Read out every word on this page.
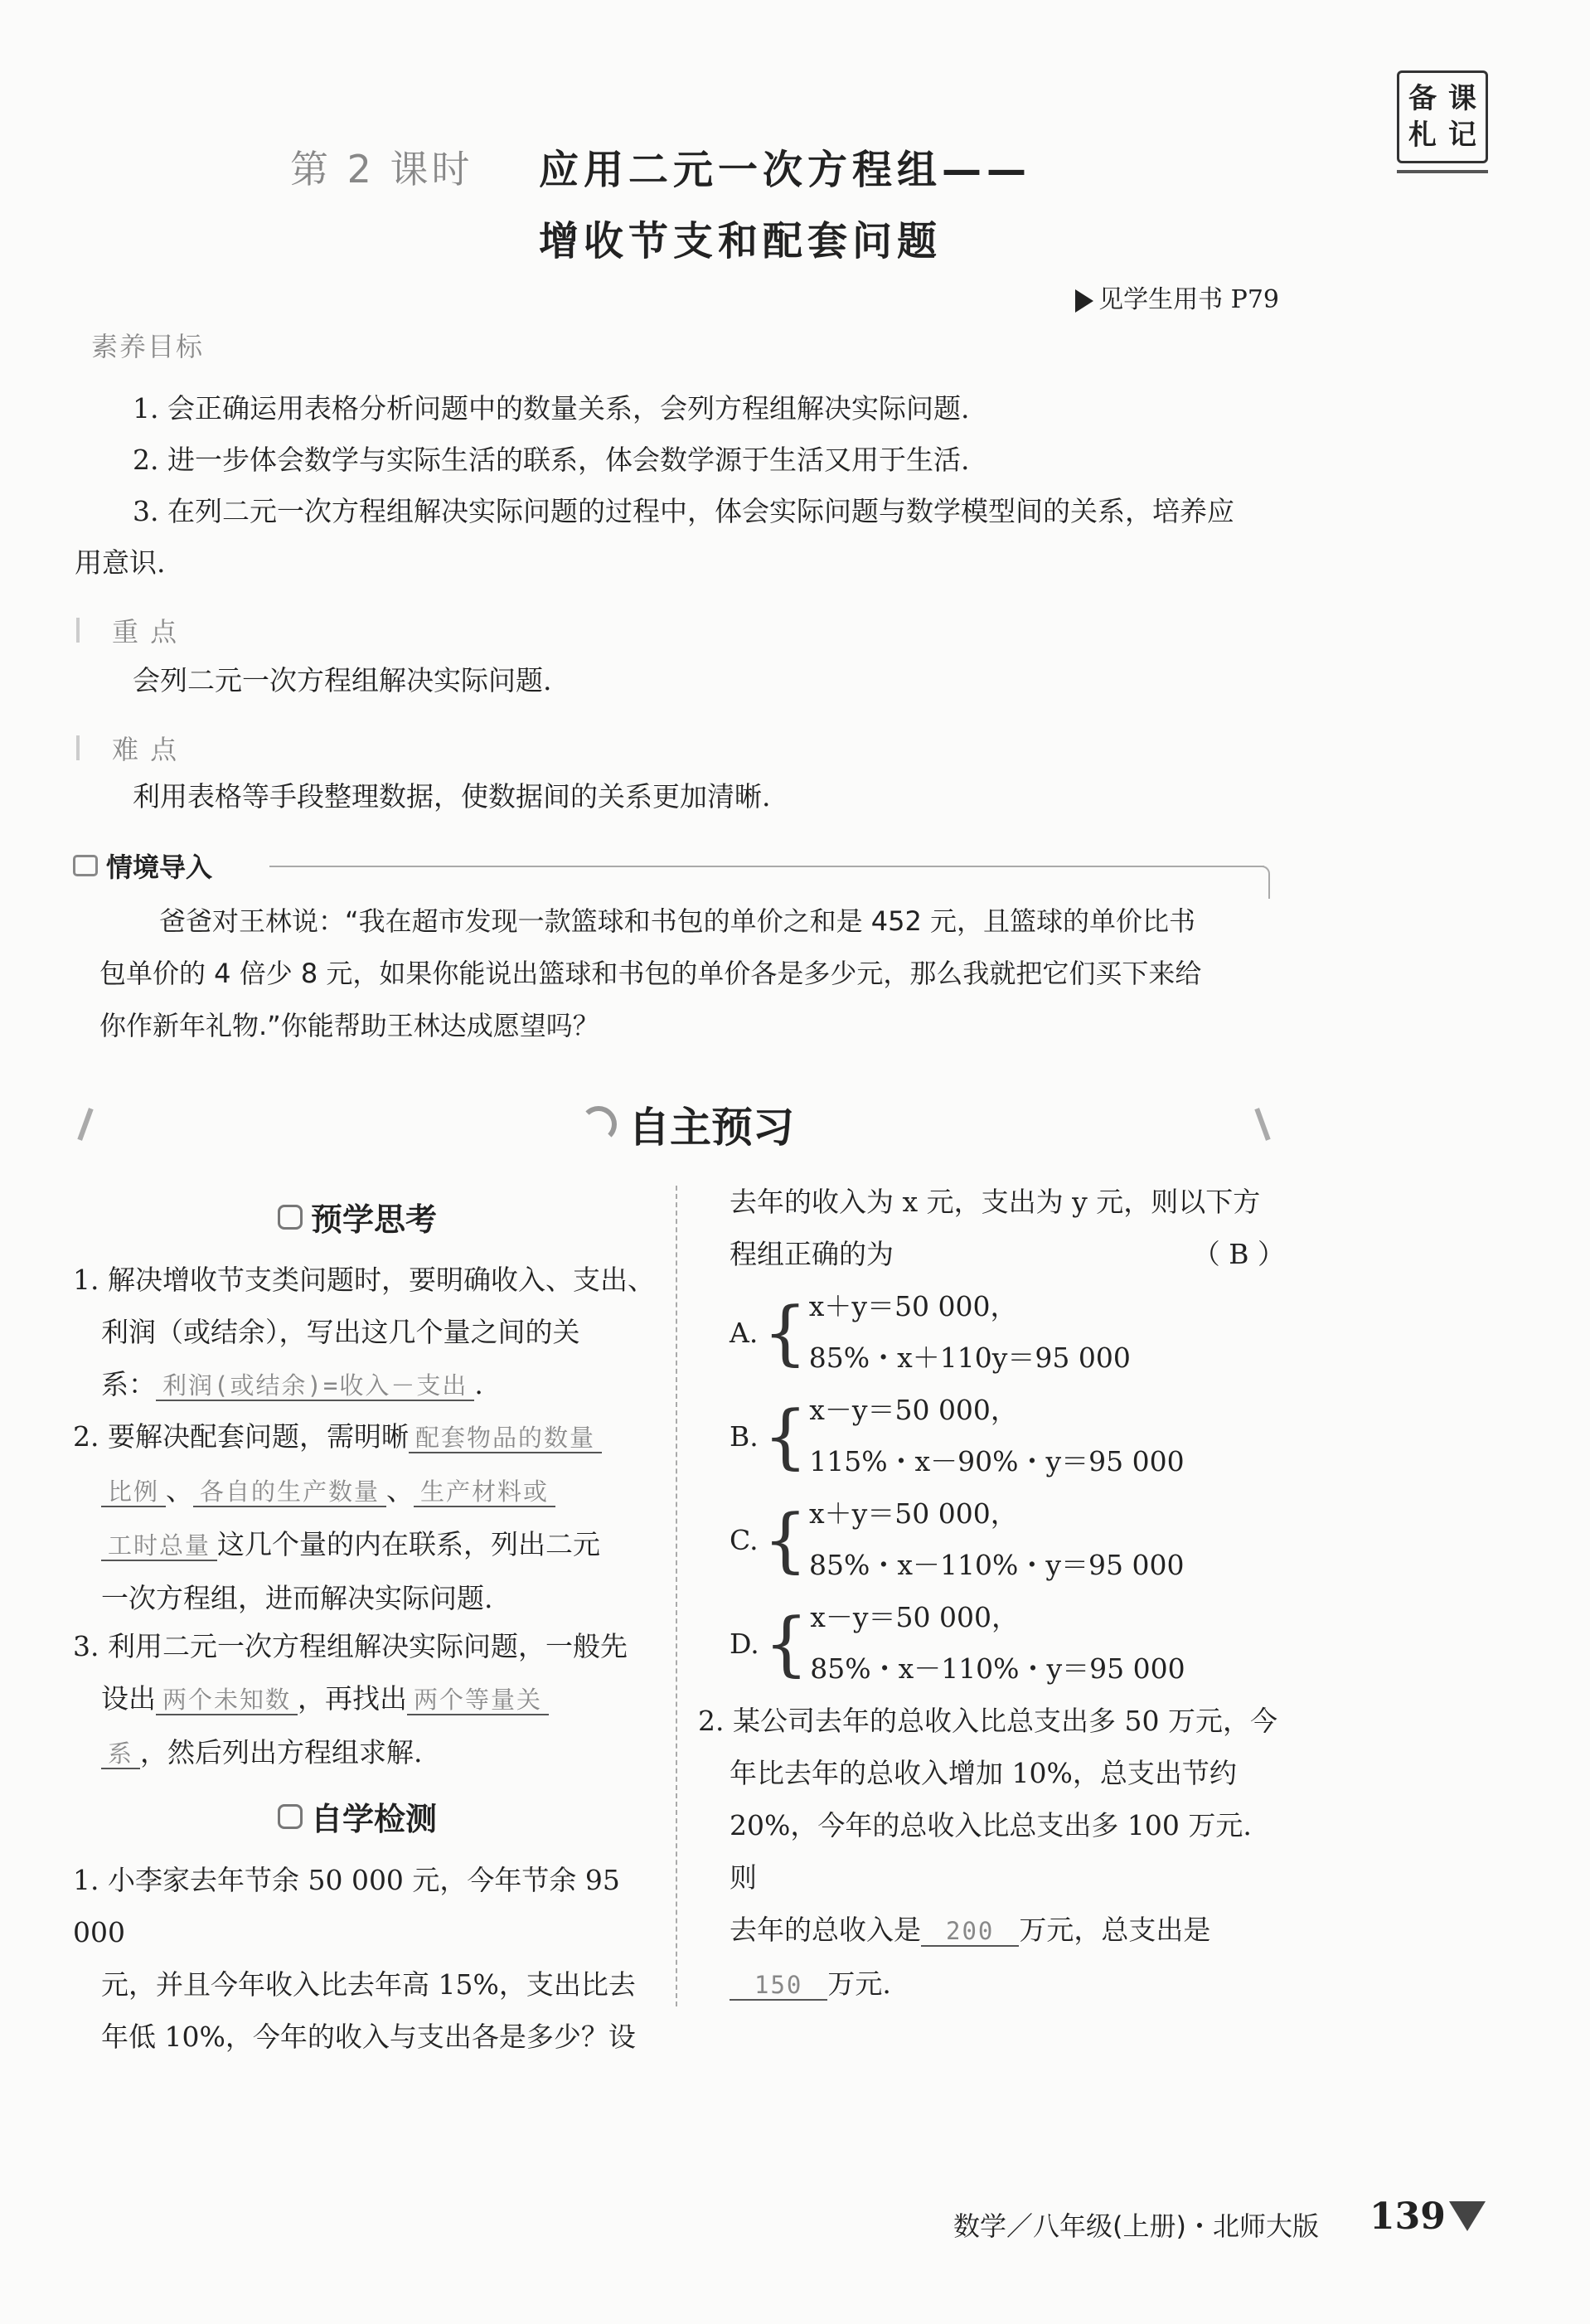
备 课
札 记
第 2 课时 应用二元一次方程组——
增收节支和配套问题
见学生用书 P79
素养目标
1. 会正确运用表格分析问题中的数量关系，会列方程组解决实际问题.
2. 进一步体会数学与实际生活的联系，体会数学源于生活又用于生活.
3. 在列二元一次方程组解决实际问题的过程中，体会实际问题与数学模型间的关系，培养应
用意识.
重 点
会列二元一次方程组解决实际问题.
难 点
利用表格等手段整理数据，使数据间的关系更加清晰.
情境导入
爸爸对王林说：“我在超市发现一款篮球和书包的单价之和是 452 元，且篮球的单价比书
包单价的 4 倍少 8 元，如果你能说出篮球和书包的单价各是多少元，那么我就把它们买下来给
你作新年礼物.”你能帮助王林达成愿望吗？
自主预习
预学思考
1. 解决增收节支类问题时，要明确收入、支出、
利润（或结余），写出这几个量之间的关
系： 利润(或结余)=收入－支出 .
2. 要解决配套问题，需明晰 配套物品的数量
比例 、 各自的生产数量 、 生产材料或
工时总量 这几个量的内在联系，列出二元
一次方程组，进而解决实际问题.
3. 利用二元一次方程组解决实际问题，一般先
设出 两个未知数 ，再找出 两个等量关
系 ，然后列出方程组求解.
自学检测
1. 小李家去年节余 50 000 元，今年节余 95 000
元，并且今年收入比去年高 15%，支出比去
年低 10%，今年的收入与支出各是多少？设
去年的收入为 x 元，支出为 y 元，则以下方
程组正确的为	（ B ）
A. { x＋y＝50 000，
85%・x＋110y＝95 000
B. { x－y＝50 000，
115%・x－90%・y＝95 000
C. { x＋y＝50 000，
85%・x－110%・y＝95 000
D. { x－y＝50 000，
85%・x－110%・y＝95 000
2. 某公司去年的总收入比总支出多 50 万元，今
年比去年的总收入增加 10%，总支出节约
20%，今年的总收入比总支出多 100 万元. 则
去年的总收入是 200 万元，总支出是
150 万元.
数学／八年级(上册)・北师大版 139
